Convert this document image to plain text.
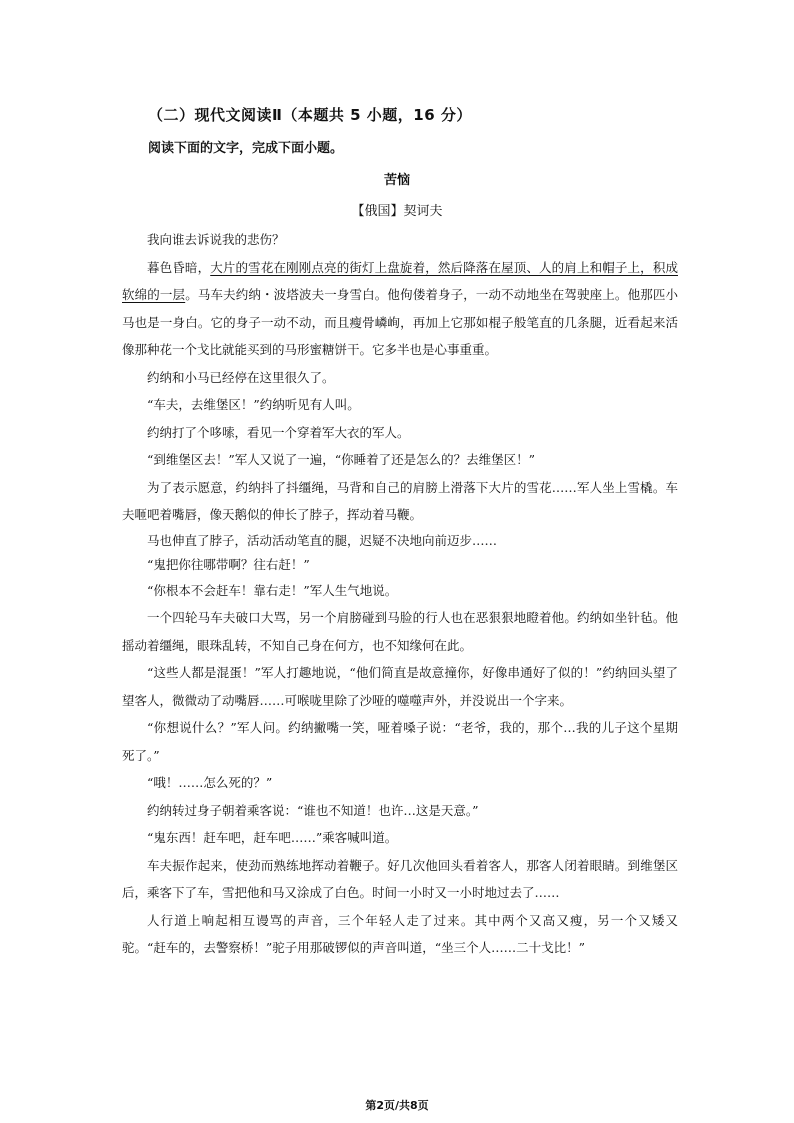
（二）现代文阅读Ⅱ（本题共 5 小题，16 分）
阅读下面的文字，完成下面小题。
苦恼
【俄国】契诃夫

我向谁去诉说我的悲伤？

暮色昏暗，大片的雪花在刚刚点亮的街灯上盘旋着，然后降落在屋顶、人的肩上和帽子上，积成软绵的一层。马车夫约纳・波塔波夫一身雪白。他佝偻着身子，一动不动地坐在驾驶座上。他那匹小马也是一身白。它的身子一动不动，而且瘦骨嶙峋，再加上它那如棍子般笔直的几条腿，近看起来活像那种花一个戈比就能买到的马形蜜糖饼干。它多半也是心事重重。

约纳和小马已经停在这里很久了。

“车夫，去维堡区！”约纳听见有人叫。

约纳打了个哆嗦，看见一个穿着军大衣的军人。

“到维堡区去！”军人又说了一遍，“你睡着了还是怎么的？去维堡区！”

为了表示愿意，约纳抖了抖缰绳，马背和自己的肩膀上滑落下大片的雪花……军人坐上雪橇。车夫咂吧着嘴唇，像天鹅似的伸长了脖子，挥动着马鞭。

马也伸直了脖子，活动活动笔直的腿，迟疑不决地向前迈步……

“鬼把你往哪带啊？往右赶！”

“你根本不会赶车！靠右走！”军人生气地说。

一个四轮马车夫破口大骂，另一个肩膀碰到马脸的行人也在恶狠狠地瞪着他。约纳如坐针毡。他摇动着缰绳，眼珠乱转，不知自己身在何方，也不知缘何在此。

“这些人都是混蛋！”军人打趣地说，“他们简直是故意撞你，好像串通好了似的！”约纳回头望了望客人，微微动了动嘴唇……可喉咙里除了沙哑的噬噬声外，并没说出一个字来。

“你想说什么？”军人问。约纳撇嘴一笑，哑着嗓子说：“老爷，我的，那个…我的儿子这个星期死了。”

“哦！……怎么死的？”

约纳转过身子朝着乘客说：“谁也不知道！也许…这是天意。”

“鬼东西！赶车吧，赶车吧……”乘客喊叫道。

车夫振作起来，使劲而熟练地挥动着鞭子。好几次他回头看着客人，那客人闭着眼睛。到维堡区后，乘客下了车，雪把他和马又涂成了白色。时间一小时又一小时地过去了……

人行道上响起相互谩骂的声音，三个年轻人走了过来。其中两个又高又瘦，另一个又矮又驼。“赶车的，去警察桥！”驼子用那破锣似的声音叫道，“坐三个人……二十戈比！”

第2页/共8页
